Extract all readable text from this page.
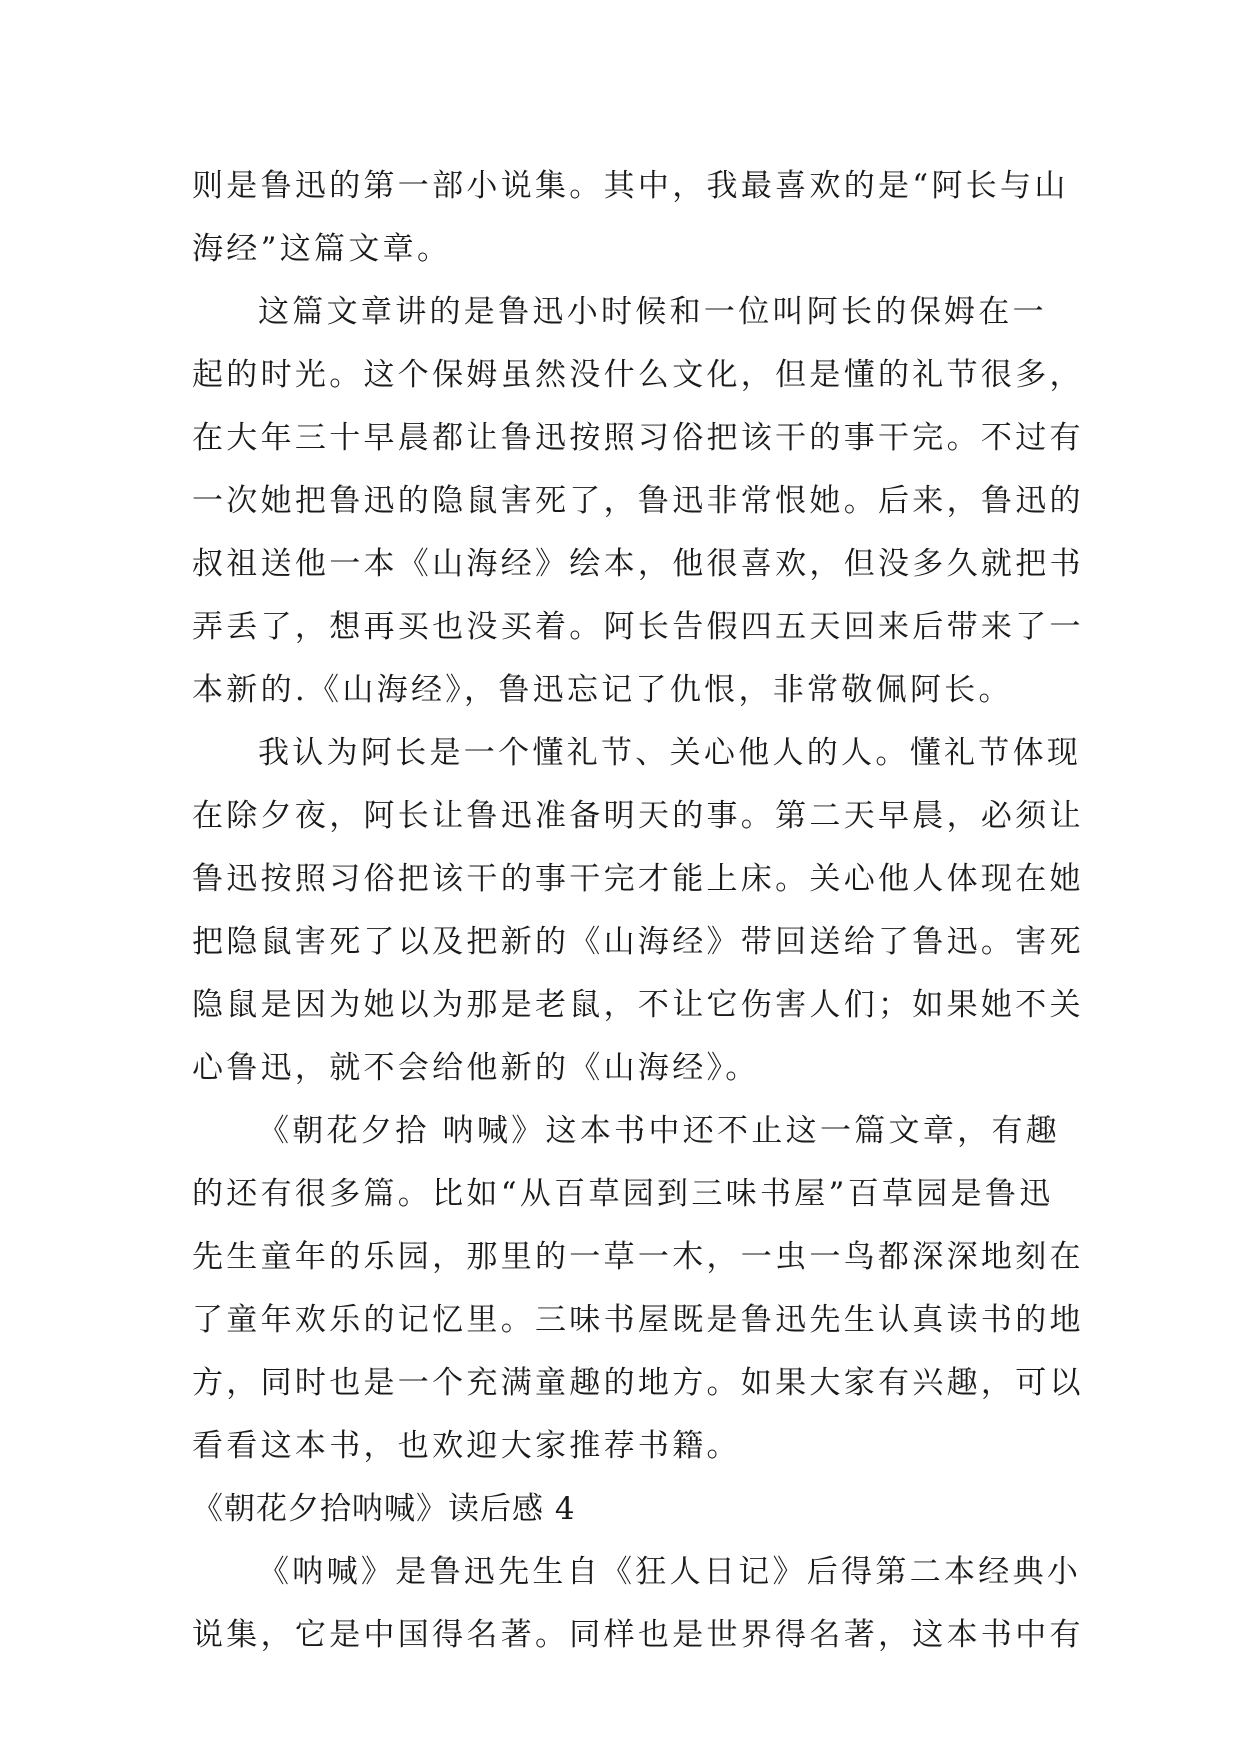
则是鲁迅的第一部小说集。其中，我最喜欢的是“阿长与山
海经”这篇文章。
这篇文章讲的是鲁迅小时候和一位叫阿长的保姆在一
起的时光。这个保姆虽然没什么文化，但是懂的礼节很多，
在大年三十早晨都让鲁迅按照习俗把该干的事干完。不过有
一次她把鲁迅的隐鼠害死了，鲁迅非常恨她。后来，鲁迅的
叔祖送他一本《山海经》绘本，他很喜欢，但没多久就把书
弄丢了，想再买也没买着。阿长告假四五天回来后带来了一
本新的.《山海经》，鲁迅忘记了仇恨，非常敬佩阿长。
我认为阿长是一个懂礼节、关心他人的人。懂礼节体现
在除夕夜，阿长让鲁迅准备明天的事。第二天早晨，必须让
鲁迅按照习俗把该干的事干完才能上床。关心他人体现在她
把隐鼠害死了以及把新的《山海经》带回送给了鲁迅。害死
隐鼠是因为她以为那是老鼠，不让它伤害人们；如果她不关
心鲁迅，就不会给他新的《山海经》。
《朝花夕拾 呐喊》这本书中还不止这一篇文章，有趣
的还有很多篇。比如“从百草园到三味书屋”百草园是鲁迅
先生童年的乐园，那里的一草一木，一虫一鸟都深深地刻在
了童年欢乐的记忆里。三味书屋既是鲁迅先生认真读书的地
方，同时也是一个充满童趣的地方。如果大家有兴趣，可以
看看这本书，也欢迎大家推荐书籍。
《朝花夕拾呐喊》读后感 4
《呐喊》是鲁迅先生自《狂人日记》后得第二本经典小
说集，它是中国得名著。同样也是世界得名著，这本书中有
